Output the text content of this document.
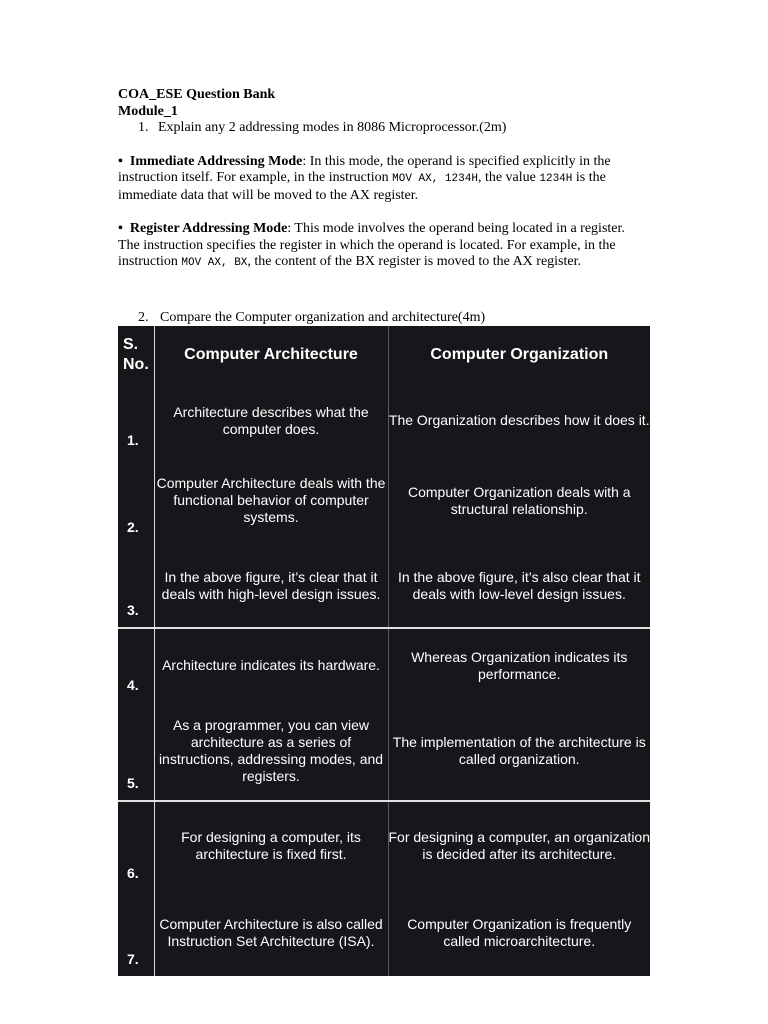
COA_ESE Question Bank
Module_1
1. Explain any 2 addressing modes in 8086 Microprocessor.(2m)

• Immediate Addressing Mode: In this mode, the operand is specified explicitly in the instruction itself. For example, in the instruction MOV AX, 1234H, the value 1234H is the immediate data that will be moved to the AX register.

• Register Addressing Mode: This mode involves the operand being located in a register. The instruction specifies the register in which the operand is located. For example, in the instruction MOV AX, BX, the content of the BX register is moved to the AX register.

2. Compare the Computer organization and architecture(4m)
S.
No.	Computer Architecture	Computer Organization
1.	Architecture describes what the computer does.	The Organization describes how it does it.
2.	Computer Architecture deals with the functional behavior of computer systems.	Computer Organization deals with a structural relationship.
3.	In the above figure, it’s clear that it deals with high-level design issues.	In the above figure, it’s also clear that it deals with low-level design issues.
4.	Architecture indicates its hardware.	Whereas Organization indicates its performance.
5.	As a programmer, you can view architecture as a series of instructions, addressing modes, and registers.	The implementation of the architecture is called organization.
6.	For designing a computer, its architecture is fixed first.	For designing a computer, an organization is decided after its architecture.
7.	Computer Architecture is also called Instruction Set Architecture (ISA).	Computer Organization is frequently called microarchitecture.
